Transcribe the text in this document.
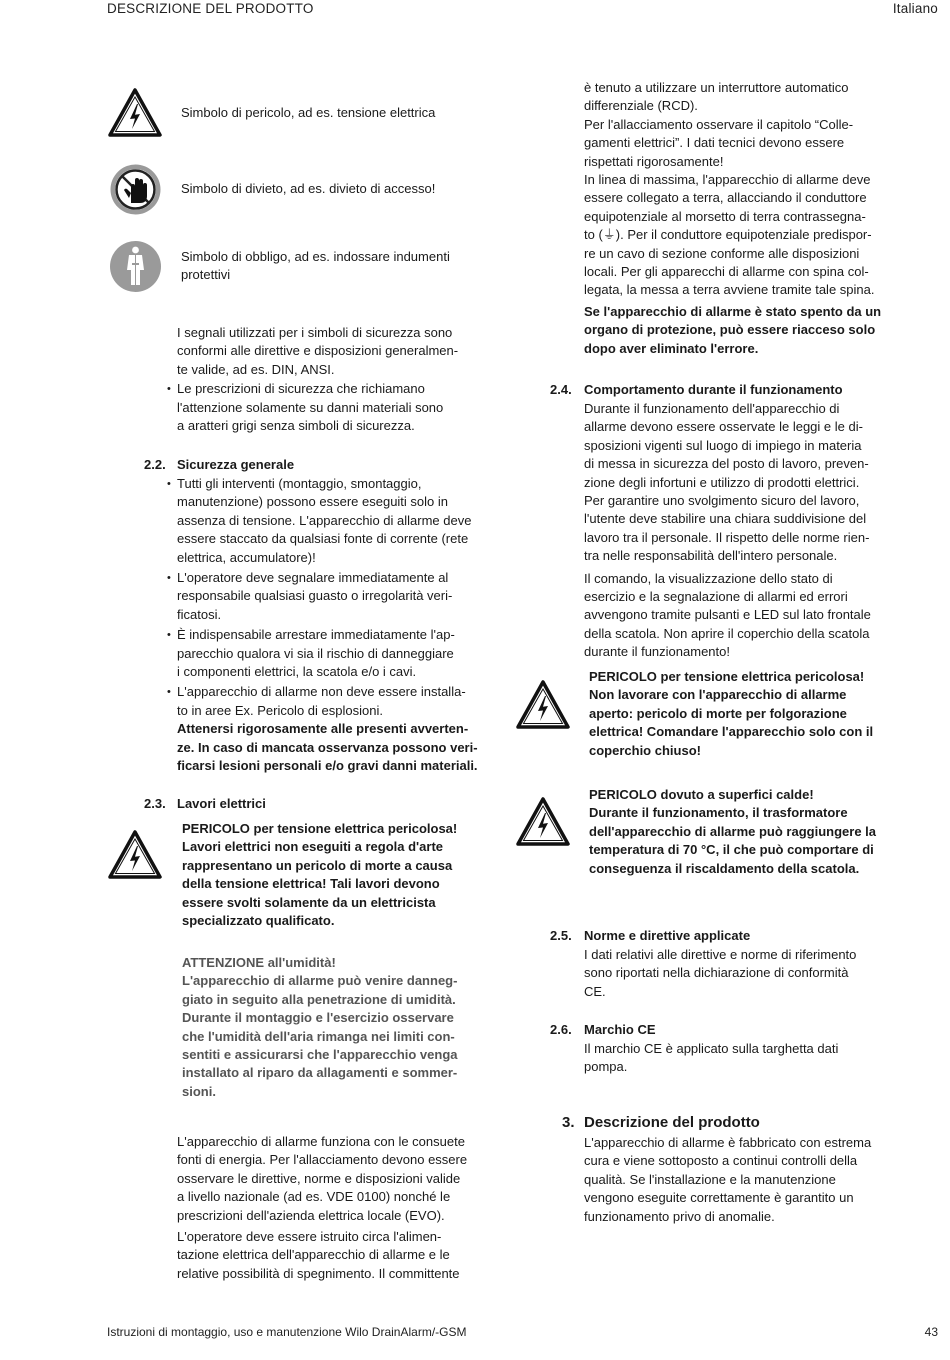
DESCRIZIONE DEL PRODOTTO	Italiano
Istruzioni di montaggio, uso e manutenzione Wilo DrainAlarm/-GSM	43
Simbolo di pericolo, ad es. tensione elettrica
Simbolo di divieto, ad es. divieto di accesso!

Simbolo di obbligo, ad es. indossare indumenti

protettivi

I segnali utilizzati per i simboli di sicurezza sono

conformi alle direttive e disposizioni generalmen-

te valide, ad es. DIN, ANSI.

• Le prescrizioni di sicurezza che richiamano

l'attenzione solamente su danni materiali sono

a aratteri grigi senza simboli di sicurezza.

2.2. Sicurezza generale

• Tutti gli interventi (montaggio, smontaggio,

manutenzione) possono essere eseguiti solo in

assenza di tensione. L'apparecchio di allarme deve

essere staccato da qualsiasi fonte di corrente (rete

elettrica, accumulatore)!

• L'operatore deve segnalare immediatamente al

responsabile qualsiasi guasto o irregolarità veri-

ficatosi.

• È indispensabile arrestare immediatamente l'ap-

parecchio qualora vi sia il rischio di danneggiare

i componenti elettrici, la scatola e/o i cavi.

• L'apparecchio di allarme non deve essere installa-

to in aree Ex. Pericolo di esplosioni.

Attenersi rigorosamente alle presenti avverten-

ze. In caso di mancata osservanza possono veri-

ficarsi lesioni personali e/o gravi danni materiali.

2.3. Lavori elettrici

PERICOLO per tensione elettrica pericolosa!

Lavori elettrici non eseguiti a regola d'arte

rappresentano un pericolo di morte a causa

della tensione elettrica! Tali lavori devono

essere svolti solamente da un elettricista

specializzato qualificato.

ATTENZIONE all'umidità!

L'apparecchio di allarme può venire danneg-

giato in seguito alla penetrazione di umidità.

Durante il montaggio e l'esercizio osservare

che l'umidità dell'aria rimanga nei limiti con-

sentiti e assicurarsi che l'apparecchio venga

installato al riparo da allagamenti e sommer-

sioni.

L'apparecchio di allarme funziona con le consuete

fonti di energia. Per l'allacciamento devono essere

osservare le direttive, norme e disposizioni valide

a livello nazionale (ad es. VDE 0100) nonché le

prescrizioni dell'azienda elettrica locale (EVO).

L'operatore deve essere istruito circa l'alimen-

tazione elettrica dell'apparecchio di allarme e le

relative possibilità di spegnimento. Il committente

è tenuto a utilizzare un interruttore automatico

differenziale (RCD).

Per l'allacciamento osservare il capitolo “Colle-

gamenti elettrici”. I dati tecnici devono essere

rispettati rigorosamente!

In linea di massima, l'apparecchio di allarme deve

essere collegato a terra, allacciando il conduttore

equipotenziale al morsetto di terra contrassegna-

to (⏚). Per il conduttore equipotenziale predispor-

re un cavo di sezione conforme alle disposizioni

locali. Per gli apparecchi di allarme con spina col-

legata, la messa a terra avviene tramite tale spina.

Se l'apparecchio di allarme è stato spento da un

organo di protezione, può essere riacceso solo

dopo aver eliminato l'errore.

2.4. Comportamento durante il funzionamento

Durante il funzionamento dell'apparecchio di

allarme devono essere osservate le leggi e le di-

sposizioni vigenti sul luogo di impiego in materia

di messa in sicurezza del posto di lavoro, preven-

zione degli infortuni e utilizzo di prodotti elettrici.

Per garantire uno svolgimento sicuro del lavoro,

l'utente deve stabilire una chiara suddivisione del

lavoro tra il personale. Il rispetto delle norme rien-

tra nelle responsabilità dell'intero personale.

Il comando, la visualizzazione dello stato di

esercizio e la segnalazione di allarmi ed errori

avvengono tramite pulsanti e LED sul lato frontale

della scatola. Non aprire il coperchio della scatola

durante il funzionamento!

PERICOLO per tensione elettrica pericolosa!

Non lavorare con l'apparecchio di allarme

aperto: pericolo di morte per folgorazione

elettrica! Comandare l'apparecchio solo con il

coperchio chiuso!

PERICOLO dovuto a superfici calde!

Durante il funzionamento, il trasformatore

dell'apparecchio di allarme può raggiungere la

temperatura di 70 °C, il che può comportare di

conseguenza il riscaldamento della scatola.

2.5. Norme e direttive applicate

I dati relativi alle direttive e norme di riferimento

sono riportati nella dichiarazione di conformità

CE.

2.6. Marchio CE

Il marchio CE è applicato sulla targhetta dati

pompa.

3. Descrizione del prodotto

L'apparecchio di allarme è fabbricato con estrema

cura e viene sottoposto a continui controlli della

qualità. Se l'installazione e la manutenzione

vengono eseguite correttamente è garantito un

funzionamento privo di anomalie.
